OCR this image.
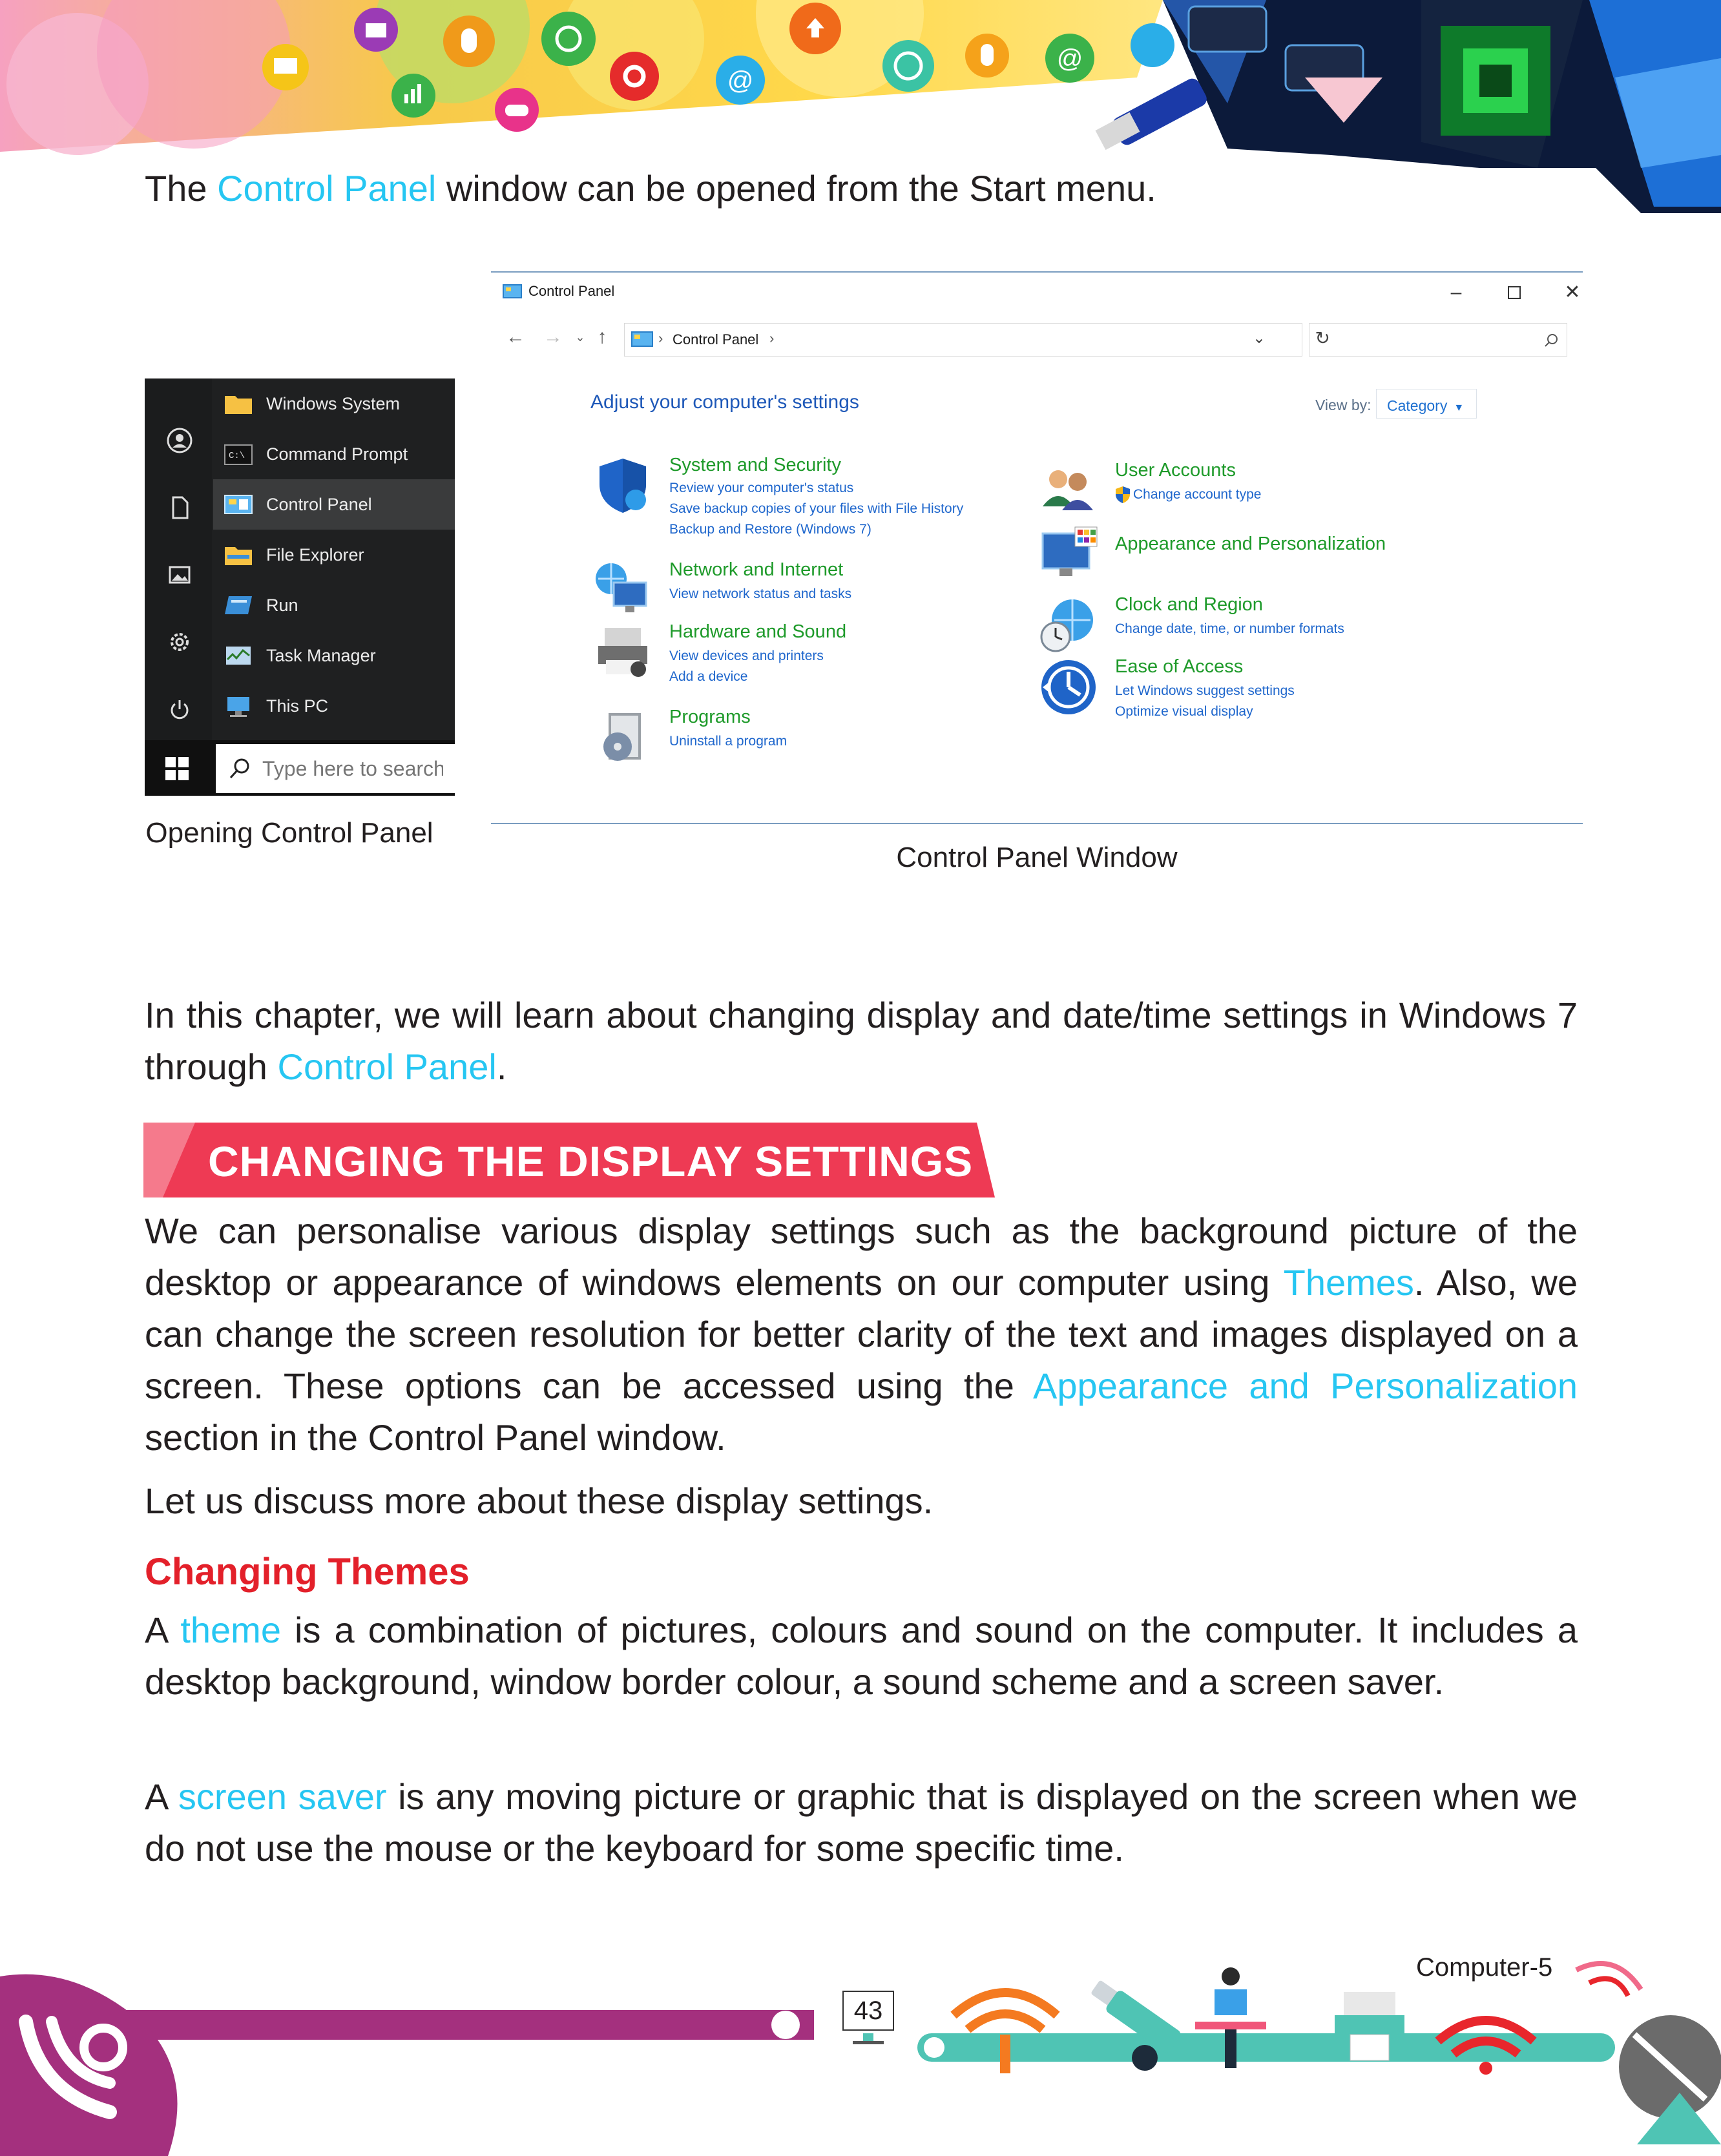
@
@

The Control Panel window can be opened from the Start menu.

Windows System
C:\ Command Prompt
Control Panel
File Explorer
Run
Task Manager
This PC
Type here to search

Opening Control Panel

Control Panel	–	✕
← →	⌄ ↑	› Control Panel ›	⌄	↻
Adjust your computer's settings	View by:	Category ▼
System and Security
Review your computer's status
Save backup copies of your files with File History
Backup and Restore (Windows 7)
Network and Internet
View network status and tasks
Hardware and Sound
View devices and printers
Add a device
Programs
Uninstall a program
User Accounts
Change account type
Appearance and Personalization
Clock and Region
Change date, time, or number formats
Ease of Access
Let Windows suggest settings
Optimize visual display

Control Panel Window

In this chapter, we will learn about changing display and date/time settings in Windows 7 through Control Panel.

CHANGING THE DISPLAY SETTINGS

We can personalise various display settings such as the background picture of the desktop or appearance of windows elements on our computer using Themes. Also, we can change the screen resolution for better clarity of the text and images displayed on a screen. These options can be accessed using the Appearance and Personalization section in the Control Panel window.

Let us discuss more about these display settings.

Changing Themes

A theme is a combination of pictures, colours and sound on the computer. It includes a desktop background, window border colour, a sound scheme and a screen saver.

A screen saver is any moving picture or graphic that is displayed on the screen when we do not use the mouse or the keyboard for some specific time.

43
Computer-5
